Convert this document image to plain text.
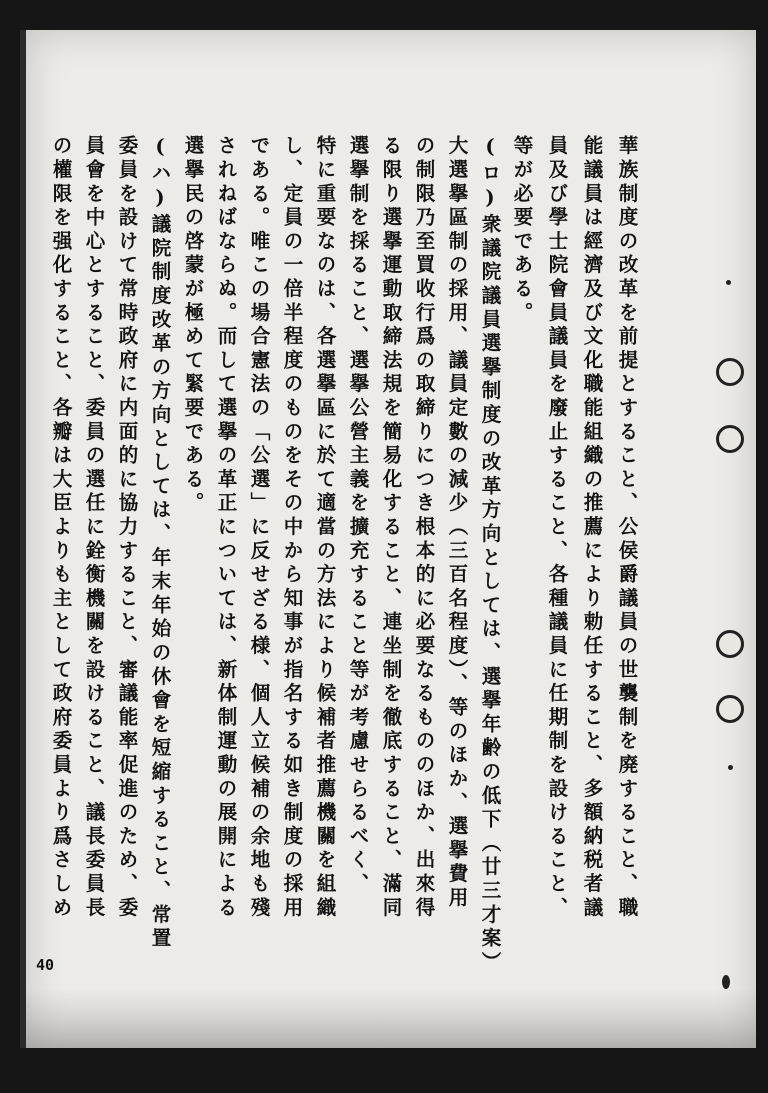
華族制度の改革を前提とすること、公侯爵議員の世襲制を廃すること、職
能議員は經濟及び文化職能組織の推薦により勅任すること、多額納税者議
員及び學士院會員議員を廢止すること、各種議員に任期制を設けること、
等が必要である。
(ロ)衆議院議員選擧制度の改革方向としては、選擧年齢の低下（廿三才案）
大選擧區制の採用、議員定數の減少（三百名程度）、等のほか、選擧費用
の制限乃至買收行爲の取締りにつき根本的に必要なるもののほか、出來得
る限り選擧運動取締法規を簡易化すること、連坐制を徹底すること、滿同
選擧制を採ること、選擧公營主義を擴充すること等が考慮せらるべく、
特に重要なのは、各選擧區に於て適當の方法により候補者推薦機關を組織
し、定員の一倍半程度のものをその中から知事が指名する如き制度の採用
である。唯この場合憲法の「公選」に反せざる様、個人立候補の余地も殘
されねばならぬ。而して選擧の革正については、新体制運動の展開による
選擧民の啓蒙が極めて緊要である。
(ハ)議院制度改革の方向としては、年末年始の休會を短縮すること、常置
委員を設けて常時政府に内面的に協力すること、審議能率促進のため、委
員會を中心とすること、委員の選任に銓衡機關を設けること、議長委員長
の權限を强化すること、各瓣は大臣よりも主として政府委員より爲さしめ
40
